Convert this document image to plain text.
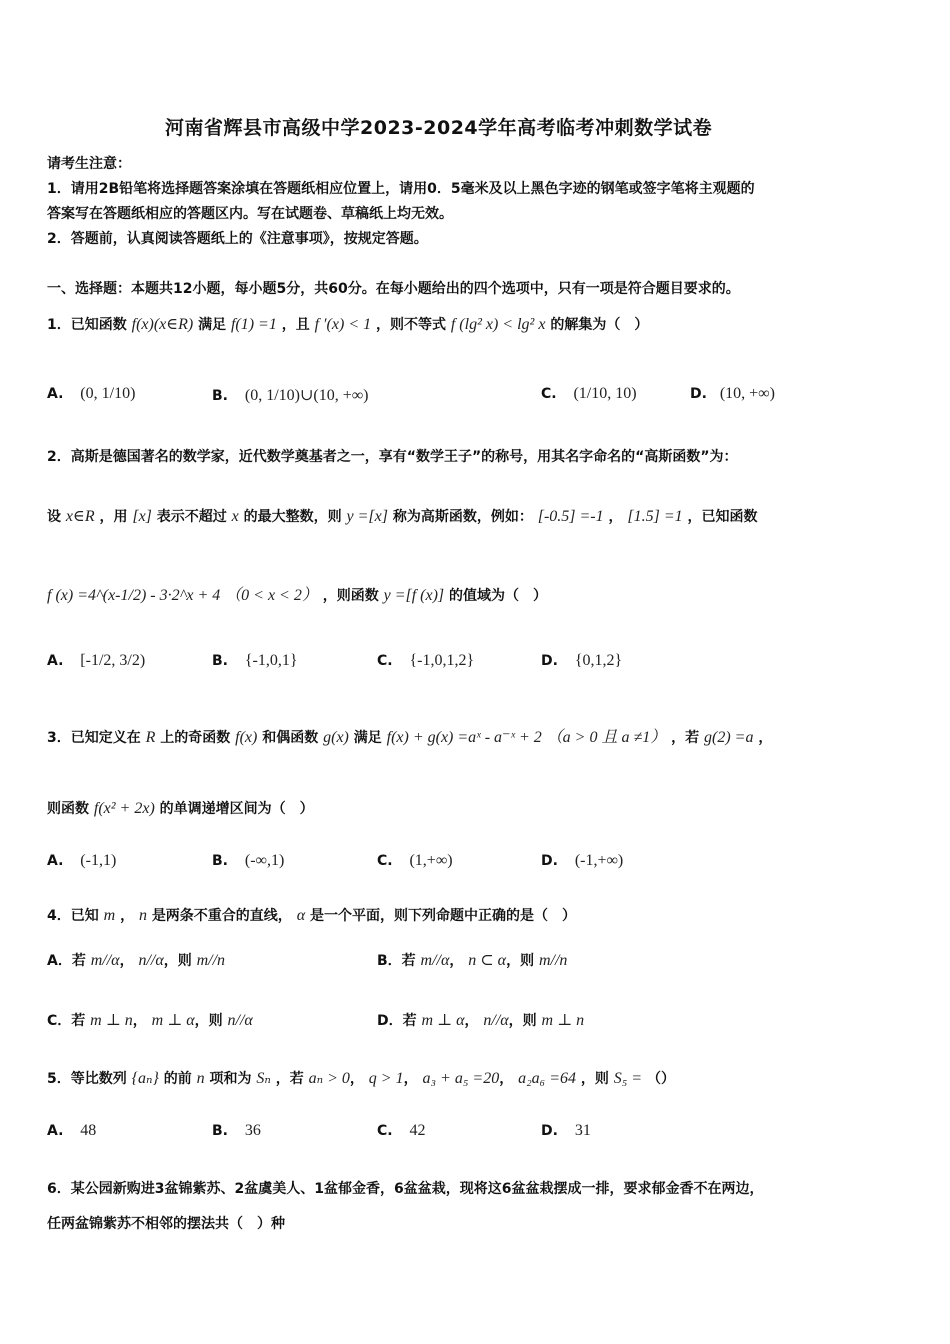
河南省辉县市高级中学2023-2024学年高考临考冲刺数学试卷
请考生注意：
1．请用2B铅笔将选择题答案涂填在答题纸相应位置上，请用0．5毫米及以上黑色字迹的钢笔或签字笔将主观题的
答案写在答题纸相应的答题区内。写在试题卷、草稿纸上均无效。
2．答题前，认真阅读答题纸上的《注意事项》，按规定答题。
一、选择题：本题共12小题，每小题5分，共60分。在每小题给出的四个选项中，只有一项是符合题目要求的。
1．已知函数 f(x)(x∈R) 满足 f(1) =1 ，且 f ′(x) < 1 ，则不等式 f (lg² x) < lg² x 的解集为（　）
A. (0, 1/10)	B. (0, 1/10)∪(10, +∞)	C. (1/10, 10)	D. (10, +∞)
2．高斯是德国著名的数学家，近代数学奠基者之一，享有“数学王子”的称号，用其名字命名的“高斯函数”为：
设 x∈R ，用 [x] 表示不超过 x 的最大整数，则 y =[x] 称为高斯函数，例如： [-0.5] =-1 ， [1.5] =1 ，已知函数
f (x) =4^(x-1/2) - 3·2^x + 4 （0 < x < 2） ，则函数 y =[f (x)] 的值域为（　）
A. [-1/2, 3/2)	B. {-1,0,1}	C. {-1,0,1,2}	D. {0,1,2}
3．已知定义在 R 上的奇函数 f(x) 和偶函数 g(x) 满足 f(x) + g(x) =aˣ - a⁻ˣ + 2 （a > 0 且 a ≠1） ，若 g(2) =a ，
则函数 f(x² + 2x) 的单调递增区间为（　）
A. (-1,1)	B. (-∞,1)	C. (1,+∞)	D. (-1,+∞)
4．已知 m ， n 是两条不重合的直线， α 是一个平面，则下列命题中正确的是（　）
A．若 m//α， n//α，则 m//n	B．若 m//α， n ⊂ α，则 m//n
C．若 m ⊥ n， m ⊥ α，则 n//α	D．若 m ⊥ α， n//α，则 m ⊥ n
5．等比数列 {aₙ} 的前 n 项和为 Sₙ ，若 aₙ > 0， q > 1， a₃ + a₅ =20， a₂a₆ =64 ，则 S₅ = （）
A. 48	B. 36	C. 42	D. 31
6．某公园新购进3盆锦紫苏、2盆虞美人、1盆郁金香，6盆盆栽，现将这6盆盆栽摆成一排，要求郁金香不在两边，
任两盆锦紫苏不相邻的摆法共（　）种
